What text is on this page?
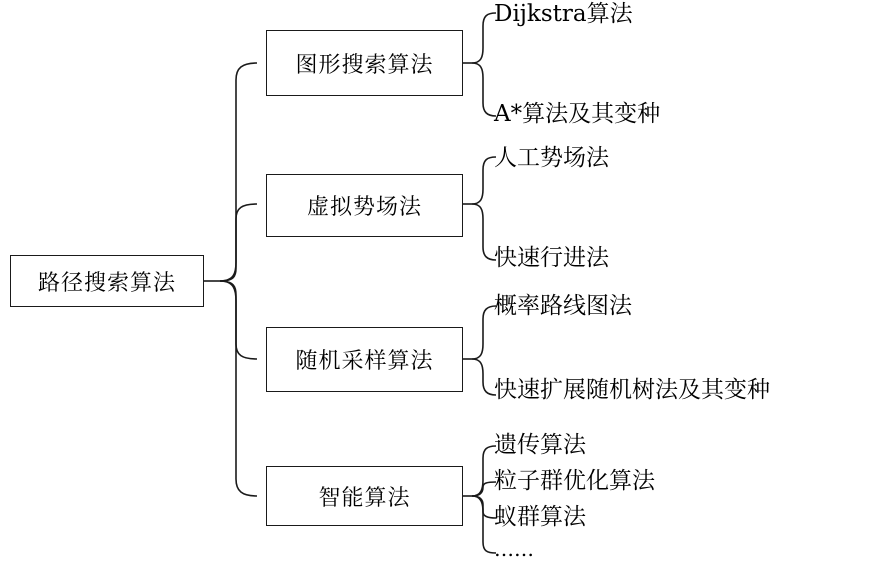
路径搜索算法
图形搜索算法
虚拟势场法
随机采样算法
智能算法
Dijkstra算法
A*算法及其变种
人工势场法
快速行进法
概率路线图法
快速扩展随机树法及其变种
遗传算法
粒子群优化算法
蚁群算法
……
